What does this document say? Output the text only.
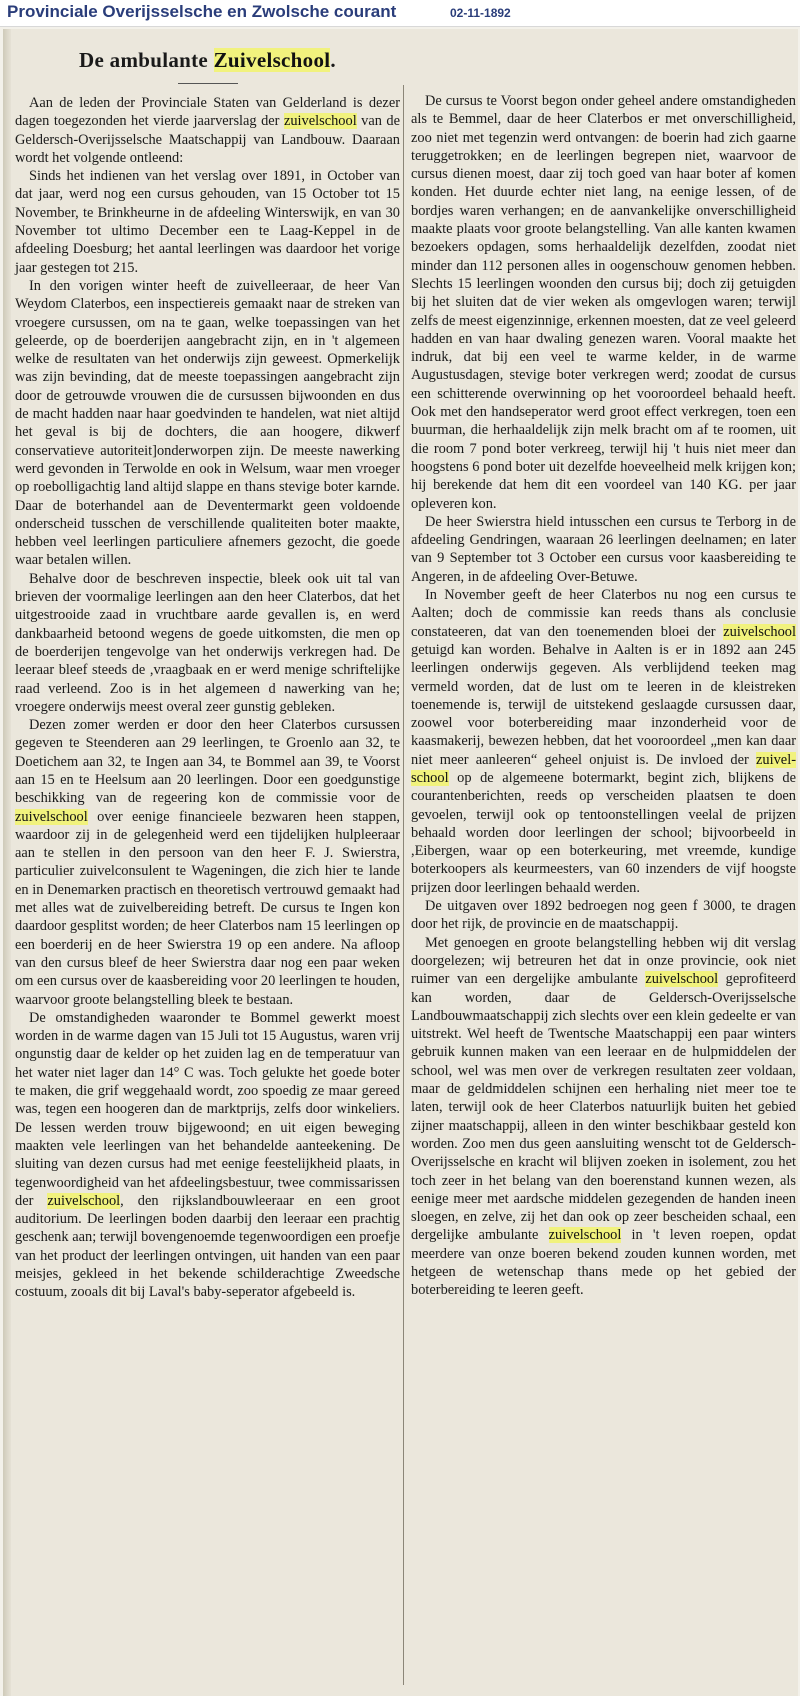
Provinciale Overijsselsche en Zwolsche courant	02-11-1892
De ambulante Zuivelschool.

Aan de leden der Provinciale Staten van Gelderland is dezer dagen toegezonden het vierde jaarverslag der zuivelschool van de Geldersch-Overijsselsche Maatschappij van Landbouw. Daaraan wordt het volgende ontleend:

Sinds het indienen van het verslag over 1891, in October van dat jaar, werd nog een cursus gehouden, van 15 October tot 15 November, te Brinkheurne in de afdeeling Winterswijk, en van 30 November tot ultimo December een te Laag-Keppel in de afdeeling Doesburg; het aantal leerlingen was daardoor het vorige jaar gestegen tot 215.

In den vorigen winter heeft de zuivelleeraar, de heer Van Weydom Claterbos, een inspectiereis gemaakt naar de streken van vroegere cursussen, om na te gaan, welke toepassingen van het geleerde, op de boerderijen aangebracht zijn, en in 't algemeen welke de resultaten van het onderwijs zijn geweest. Opmerkelijk was zijn bevinding, dat de meeste toepassingen aangebracht zijn door de getrouwde vrouwen die de cursussen bijwoonden en dus de macht hadden naar haar goedvinden te handelen, wat niet altijd het geval is bij de dochters, die aan hoogere, dikwerf conservatieve autoriteit]onderworpen zijn. De meeste nawerking werd gevonden in Terwolde en ook in Welsum, waar men vroeger op roebolligachtig land altijd slappe en thans stevige boter karnde. Daar de boterhandel aan de Deventermarkt geen voldoende onderscheid tusschen de verschillende qualiteiten boter maakte, hebben veel leerlingen particuliere afnemers gezocht, die goede waar betalen willen.

Behalve door de beschreven inspectie, bleek ook uit tal van brieven der voormalige leerlingen aan den heer Claterbos, dat het uitgestrooide zaad in vruchtbare aarde gevallen is, en werd dankbaarheid betoond wegens de goede uitkomsten, die men op de boerderijen tengevolge van het onderwijs verkregen had. De leeraar bleef steeds de ,vraagbaak en er werd menige schriftelijke raad verleend. Zoo is in het algemeen d nawerking van he; vroegere onderwijs meest overal zeer gunstig gebleken.

Dezen zomer werden er door den heer Claterbos cursussen gegeven te Steenderen aan 29 leerlingen, te Groenlo aan 32, te Doetichem aan 32, te Ingen aan 34, te Bommel aan 39, te Voorst aan 15 en te Heelsum aan 20 leerlingen. Door een goedgunstige beschikking van de regeering kon de commissie voor de zuivelschool over eenige financieele bezwaren heen stappen, waardoor zij in de gelegenheid werd een tijdelijken hulpleeraar aan te stellen in den persoon van den heer F. J. Swierstra, particulier zuivelconsulent te Wageningen, die zich hier te lande en in Denemarken practisch en theoretisch vertrouwd gemaakt had met alles wat de zuivelbereiding betreft. De cursus te Ingen kon daardoor gesplitst worden; de heer Claterbos nam 15 leerlingen op een boerderij en de heer Swierstra 19 op een andere. Na afloop van den cursus bleef de heer Swierstra daar nog een paar weken om een cursus over de kaasbereiding voor 20 leerlingen te houden, waarvoor groote belangstelling bleek te bestaan.

De omstandigheden waaronder te Bommel gewerkt moest worden in de warme dagen van 15 Juli tot 15 Augustus, waren vrij ongunstig daar de kelder op het zuiden lag en de temperatuur van het water niet lager dan 14° C was. Toch gelukte het goede boter te maken, die grif weggehaald wordt, zoo spoedig ze maar gereed was, tegen een hoogeren dan de marktprijs, zelfs door winkeliers. De lessen werden trouw bijgewoond; en uit eigen beweging maakten vele leerlingen van het behandelde aanteekening. De sluiting van dezen cursus had met eenige feestelijkheid plaats, in tegenwoordigheid van het afdeelingsbestuur, twee commissarissen der zuivelschool, den rijkslandbouwleeraar en een groot auditorium. De leerlingen boden daarbij den leeraar een prachtig geschenk aan; terwijl bovengenoemde tegenwoordigen een proefje van het product der leerlingen ontvingen, uit handen van een paar meisjes, gekleed in het bekende schilderachtige Zweedsche costuum, zooals dit bij Laval's baby-seperator afgebeeld is.

De cursus te Voorst begon onder geheel andere omstandigheden als te Bemmel, daar de heer Claterbos er met onverschilligheid, zoo niet met tegenzin werd ontvangen: de boerin had zich gaarne teruggetrokken; en de leerlingen begrepen niet, waarvoor de cursus dienen moest, daar zij toch goed van haar boter af komen konden. Het duurde echter niet lang, na eenige lessen, of de bordjes waren verhangen; en de aanvankelijke onverschilligheid maakte plaats voor groote belangstelling. Van alle kanten kwamen bezoekers opdagen, soms herhaaldelijk dezelfden, zoodat niet minder dan 112 personen alles in oogenschouw genomen hebben. Slechts 15 leerlingen woonden den cursus bij; doch zij getuigden bij het sluiten dat de vier weken als omgevlogen waren; terwijl zelfs de meest eigenzinnige, erkennen moesten, dat ze veel geleerd hadden en van haar dwaling genezen waren. Vooral maakte het indruk, dat bij een veel te warme kelder, in de warme Augustusdagen, stevige boter verkregen werd; zoodat de cursus een schitterende overwinning op het vooroordeel behaald heeft. Ook met den handseperator werd groot effect verkregen, toen een buurman, die herhaaldelijk zijn melk bracht om af te roomen, uit die room 7 pond boter verkreeg, terwijl hij 't huis niet meer dan hoogstens 6 pond boter uit dezelfde hoeveelheid melk krijgen kon; hij berekende dat hem dit een voordeel van 140 KG. per jaar opleveren kon.

De heer Swierstra hield intusschen een cursus te Terborg in de afdeeling Gendringen, waaraan 26 leerlingen deelnamen; en later van 9 September tot 3 October een cursus voor kaasbereiding te Angeren, in de afdeeling Over-Betuwe.

In November geeft de heer Claterbos nu nog een cursus te Aalten; doch de commissie kan reeds thans als conclusie constateeren, dat van den toenemenden bloei der zuivelschool getuigd kan worden. Behalve in Aalten is er in 1892 aan 245 leerlingen onderwijs gegeven. Als verblijdend teeken mag vermeld worden, dat de lust om te leeren in de kleistreken toenemende is, terwijl de uitstekend geslaagde cursussen daar, zoowel voor boterbereiding maar inzonderheid voor de kaasmakerij, bewezen hebben, dat het vooroordeel „men kan daar niet meer aanleeren“ geheel onjuist is. De invloed der zuivelschool op de algemeene botermarkt, begint zich, blijkens de courantenberichten, reeds op verscheiden plaatsen te doen gevoelen, terwijl ook op tentoonstellingen veelal de prijzen behaald worden door leerlingen der school; bijvoorbeeld in ,Eibergen, waar op een boterkeuring, met vreemde, kundige boterkoopers als keurmeesters, van 60 inzenders de vijf hoogste prijzen door leerlingen behaald werden.

De uitgaven over 1892 bedroegen nog geen f 3000, te dragen door het rijk, de provincie en de maatschappij.

Met genoegen en groote belangstelling hebben wij dit verslag doorgelezen; wij betreuren het dat in onze provincie, ook niet ruimer van een dergelijke ambulante zuivelschool geprofiteerd kan worden, daar de Geldersch-Overijsselsche Landbouwmaatschappij zich slechts over een klein gedeelte er van uitstrekt. Wel heeft de Twentsche Maatschappij een paar winters gebruik kunnen maken van een leeraar en de hulpmiddelen der school, wel was men over de verkregen resultaten zeer voldaan, maar de geldmiddelen schijnen een herhaling niet meer toe te laten, terwijl ook de heer Claterbos natuurlijk buiten het gebied zijner maatschappij, alleen in den winter beschikbaar gesteld kon worden. Zoo men dus geen aansluiting wenscht tot de Geldersch-Overijsselsche en kracht wil blijven zoeken in isolement, zou het toch zeer in het belang van den boerenstand kunnen wezen, als eenige meer met aardsche middelen gezegenden de handen ineen sloegen, en zelve, zij het dan ook op zeer bescheiden schaal, een dergelijke ambulante zuivelschool in 't leven roepen, opdat meerdere van onze boeren bekend zouden kunnen worden, met hetgeen de wetenschap thans mede op het gebied der boterbereiding te leeren geeft.
